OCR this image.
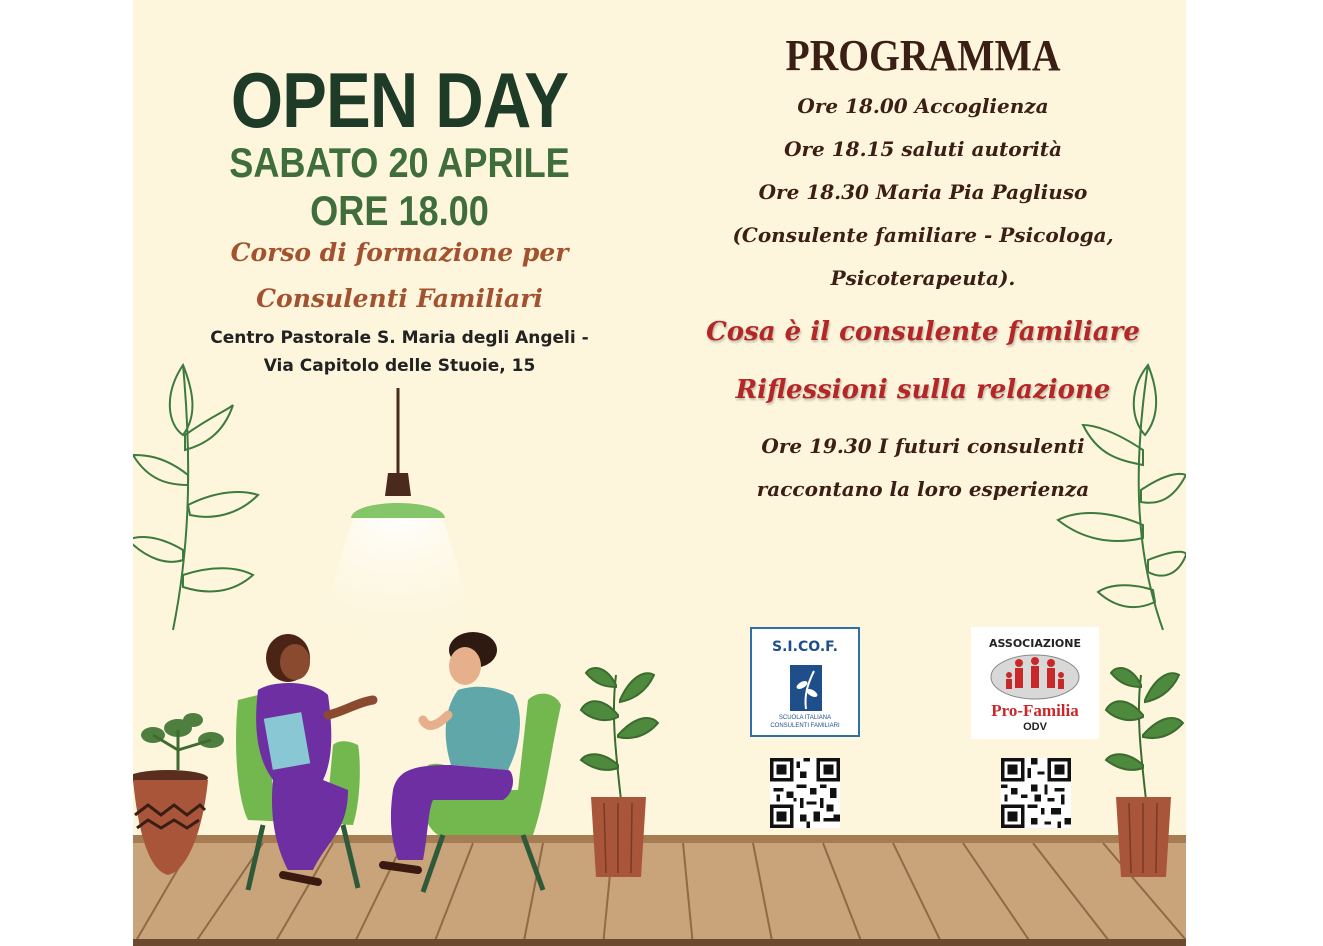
OPEN DAY
SABATO 20 APRILE
ORE 18.00
Corso di formazione per
Consulenti Familiari
Centro Pastorale S. Maria degli Angeli -
Via Capitolo delle Stuoie, 15
PROGRAMMA
Ore 18.00 Accoglienza
Ore 18.15 saluti autorità
Ore 18.30 Maria Pia Pagliuso
(Consulente familiare - Psicologa,
Psicoterapeuta).
Cosa è il consulente familiare
Riflessioni sulla relazione
Ore 19.30 I futuri consulenti
raccontano la loro esperienza
S.I.CO.F.
SCUOLA ITALIANA
CONSULENTI FAMILIARI
ASSOCIAZIONE
Pro-Familia
ODV
